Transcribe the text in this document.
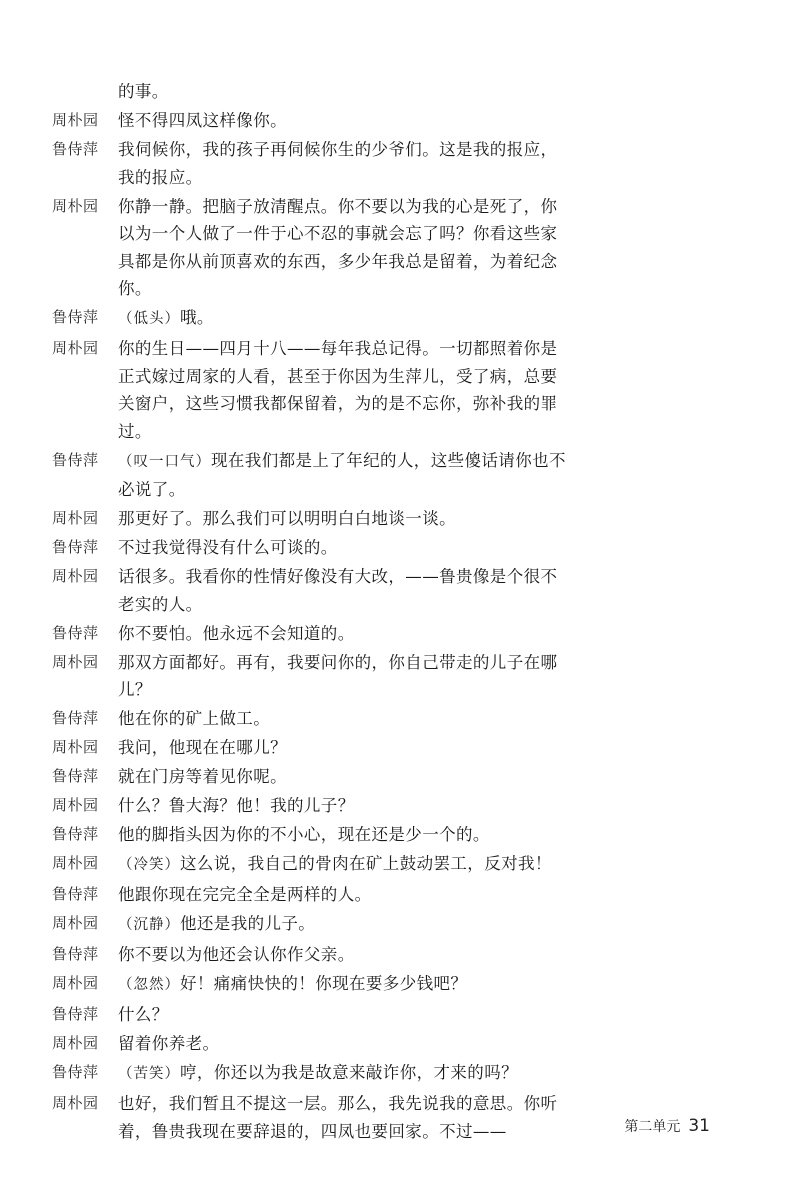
的事。

周朴园	怪不得四凤这样像你。

鲁侍萍	我伺候你，我的孩子再伺候你生的少爷们。这是我的报应，我的报应。

周朴园	你静一静。把脑子放清醒点。你不要以为我的心是死了，你以为一个人做了一件于心不忍的事就会忘了吗？你看这些家具都是你从前顶喜欢的东西，多少年我总是留着，为着纪念你。

鲁侍萍	（低头）哦。

周朴园	你的生日——四月十八——每年我总记得。一切都照着你是正式嫁过周家的人看，甚至于你因为生萍儿，受了病，总要关窗户，这些习惯我都保留着，为的是不忘你，弥补我的罪过。

鲁侍萍	（叹一口气）现在我们都是上了年纪的人，这些傻话请你也不必说了。

周朴园	那更好了。那么我们可以明明白白地谈一谈。

鲁侍萍	不过我觉得没有什么可谈的。

周朴园	话很多。我看你的性情好像没有大改，——鲁贵像是个很不老实的人。

鲁侍萍	你不要怕。他永远不会知道的。

周朴园	那双方面都好。再有，我要问你的，你自己带走的儿子在哪儿？

鲁侍萍	他在你的矿上做工。

周朴园	我问，他现在在哪儿？

鲁侍萍	就在门房等着见你呢。

周朴园	什么？鲁大海？他！我的儿子？

鲁侍萍	他的脚指头因为你的不小心，现在还是少一个的。

周朴园	（冷笑）这么说，我自己的骨肉在矿上鼓动罢工，反对我！

鲁侍萍	他跟你现在完完全全是两样的人。

周朴园	（沉静）他还是我的儿子。

鲁侍萍	你不要以为他还会认你作父亲。

周朴园	（忽然）好！痛痛快快的！你现在要多少钱吧？

鲁侍萍	什么？

周朴园	留着你养老。

鲁侍萍	（苦笑）哼，你还以为我是故意来敲诈你，才来的吗？

周朴园	也好，我们暂且不提这一层。那么，我先说我的意思。你听着，鲁贵我现在要辞退的，四凤也要回家。不过——	第二单元 31
